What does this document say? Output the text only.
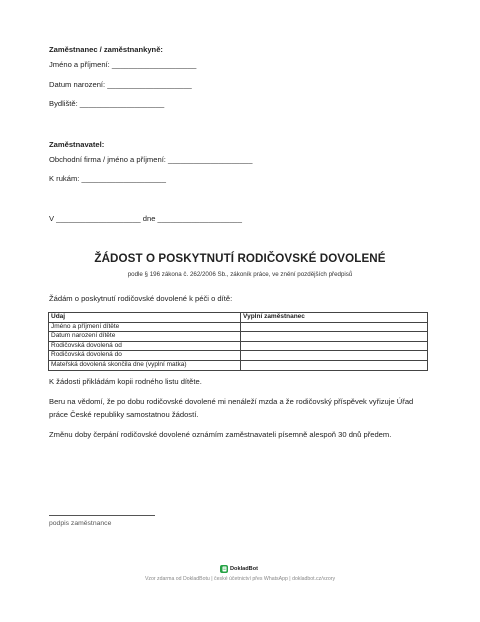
Zaměstnanec / zaměstnankyně:
Jméno a příjmení: ____________________
Datum narození: ____________________
Bydliště: ____________________
Zaměstnavatel:
Obchodní firma / jméno a příjmení: ____________________
K rukám: ____________________
V ____________________ dne ____________________
ŽÁDOST O POSKYTNUTÍ RODIČOVSKÉ DOVOLENÉ
podle § 196 zákona č. 262/2006 Sb., zákoník práce, ve znění pozdějších předpisů
Žádám o poskytnutí rodičovské dovolené k péči o dítě:
Údaj	Vyplní zaměstnanec
Jméno a příjmení dítěte	
Datum narození dítěte	
Rodičovská dovolená od	
Rodičovská dovolená do	
Mateřská dovolená skončila dne (vyplní matka)	
K žádosti přikládám kopii rodného listu dítěte.
Beru na vědomí, že po dobu rodičovské dovolené mi nenáleží mzda a že rodičovský příspěvek vyřizuje Úřad
práce České republiky samostatnou žádostí.
Změnu doby čerpání rodičovské dovolené oznámím zaměstnavateli písemně alespoň 30 dnů předem.
podpis zaměstnance
DokladBot
Vzor zdarma od DokladBotu | české účetnictví přes WhatsApp | dokladbot.cz/vzory
